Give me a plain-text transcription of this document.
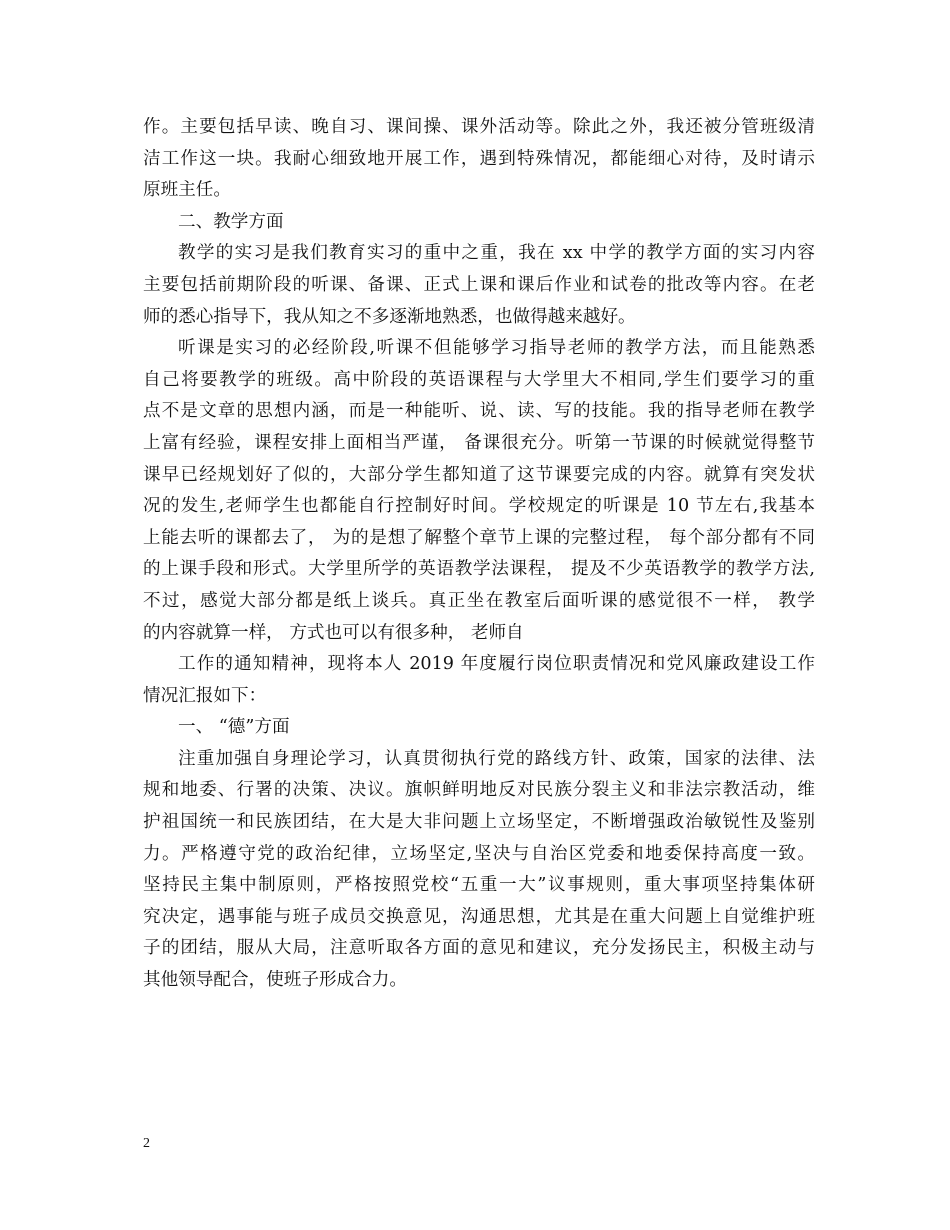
作。主要包括早读、晚自习、课间操、课外活动等。除此之外，我还被分管班级清
洁工作这一块。我耐心细致地开展工作，遇到特殊情况，都能细心对待，及时请示
原班主任。
二、教学方面
教学的实习是我们教育实习的重中之重，我在 xx 中学的教学方面的实习内容
主要包括前期阶段的听课、备课、正式上课和课后作业和试卷的批改等内容。在老
师的悉心指导下，我从知之不多逐渐地熟悉，也做得越来越好。
听课是实习的必经阶段,听课不但能够学习指导老师的教学方法，而且能熟悉
自己将要教学的班级。高中阶段的英语课程与大学里大不相同,学生们要学习的重
点不是文章的思想内涵，而是一种能听、说、读、写的技能。我的指导老师在教学
上富有经验，课程安排上面相当严谨， 备课很充分。听第一节课的时候就觉得整节
课早已经规划好了似的，大部分学生都知道了这节课要完成的内容。就算有突发状
况的发生,老师学生也都能自行控制好时间。学校规定的听课是 10 节左右,我基本
上能去听的课都去了， 为的是想了解整个章节上课的完整过程， 每个部分都有不同
的上课手段和形式。大学里所学的英语教学法课程， 提及不少英语教学的教学方法,
不过，感觉大部分都是纸上谈兵。真正坐在教室后面听课的感觉很不一样， 教学
的内容就算一样， 方式也可以有很多种， 老师自
工作的通知精神，现将本人 2019 年度履行岗位职责情况和党风廉政建设工作
情况汇报如下：
一、 “德”方面
注重加强自身理论学习，认真贯彻执行党的路线方针、政策，国家的法律、法
规和地委、行署的决策、决议。旗帜鲜明地反对民族分裂主义和非法宗教活动，维
护祖国统一和民族团结，在大是大非问题上立场坚定，不断增强政治敏锐性及鉴别
力。严格遵守党的政治纪律，立场坚定,坚决与自治区党委和地委保持高度一致。
坚持民主集中制原则，严格按照党校“五重一大”议事规则，重大事项坚持集体研
究决定，遇事能与班子成员交换意见，沟通思想，尤其是在重大问题上自觉维护班
子的团结，服从大局，注意听取各方面的意见和建议，充分发扬民主，积极主动与
其他领导配合，使班子形成合力。
2
